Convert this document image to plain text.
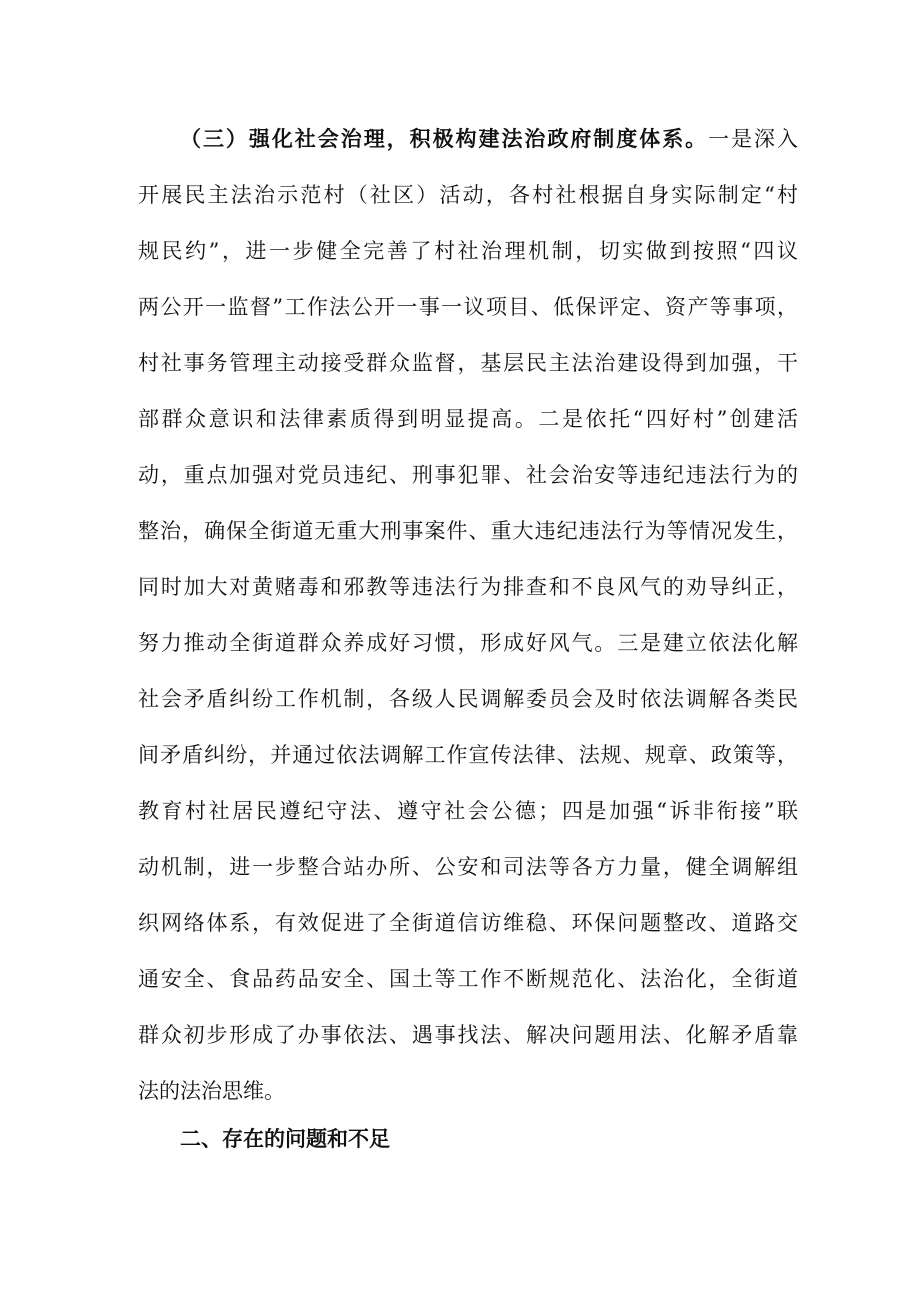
（三）强化社会治理，积极构建法治政府制度体系。一是深入
开展民主法治示范村（社区）活动，各村社根据自身实际制定“村
规民约”，进一步健全完善了村社治理机制，切实做到按照“四议
两公开一监督”工作法公开一事一议项目、低保评定、资产等事项，
村社事务管理主动接受群众监督，基层民主法治建设得到加强，干
部群众意识和法律素质得到明显提高。二是依托“四好村”创建活
动，重点加强对党员违纪、刑事犯罪、社会治安等违纪违法行为的
整治，确保全街道无重大刑事案件、重大违纪违法行为等情况发生，
同时加大对黄赌毒和邪教等违法行为排查和不良风气的劝导纠正，
努力推动全街道群众养成好习惯，形成好风气。三是建立依法化解
社会矛盾纠纷工作机制，各级人民调解委员会及时依法调解各类民
间矛盾纠纷，并通过依法调解工作宣传法律、法规、规章、政策等，
教育村社居民遵纪守法、遵守社会公德；四是加强“诉非衔接”联
动机制，进一步整合站办所、公安和司法等各方力量，健全调解组
织网络体系，有效促进了全街道信访维稳、环保问题整改、道路交
通安全、食品药品安全、国土等工作不断规范化、法治化，全街道
群众初步形成了办事依法、遇事找法、解决问题用法、化解矛盾靠
法的法治思维。
二、存在的问题和不足
